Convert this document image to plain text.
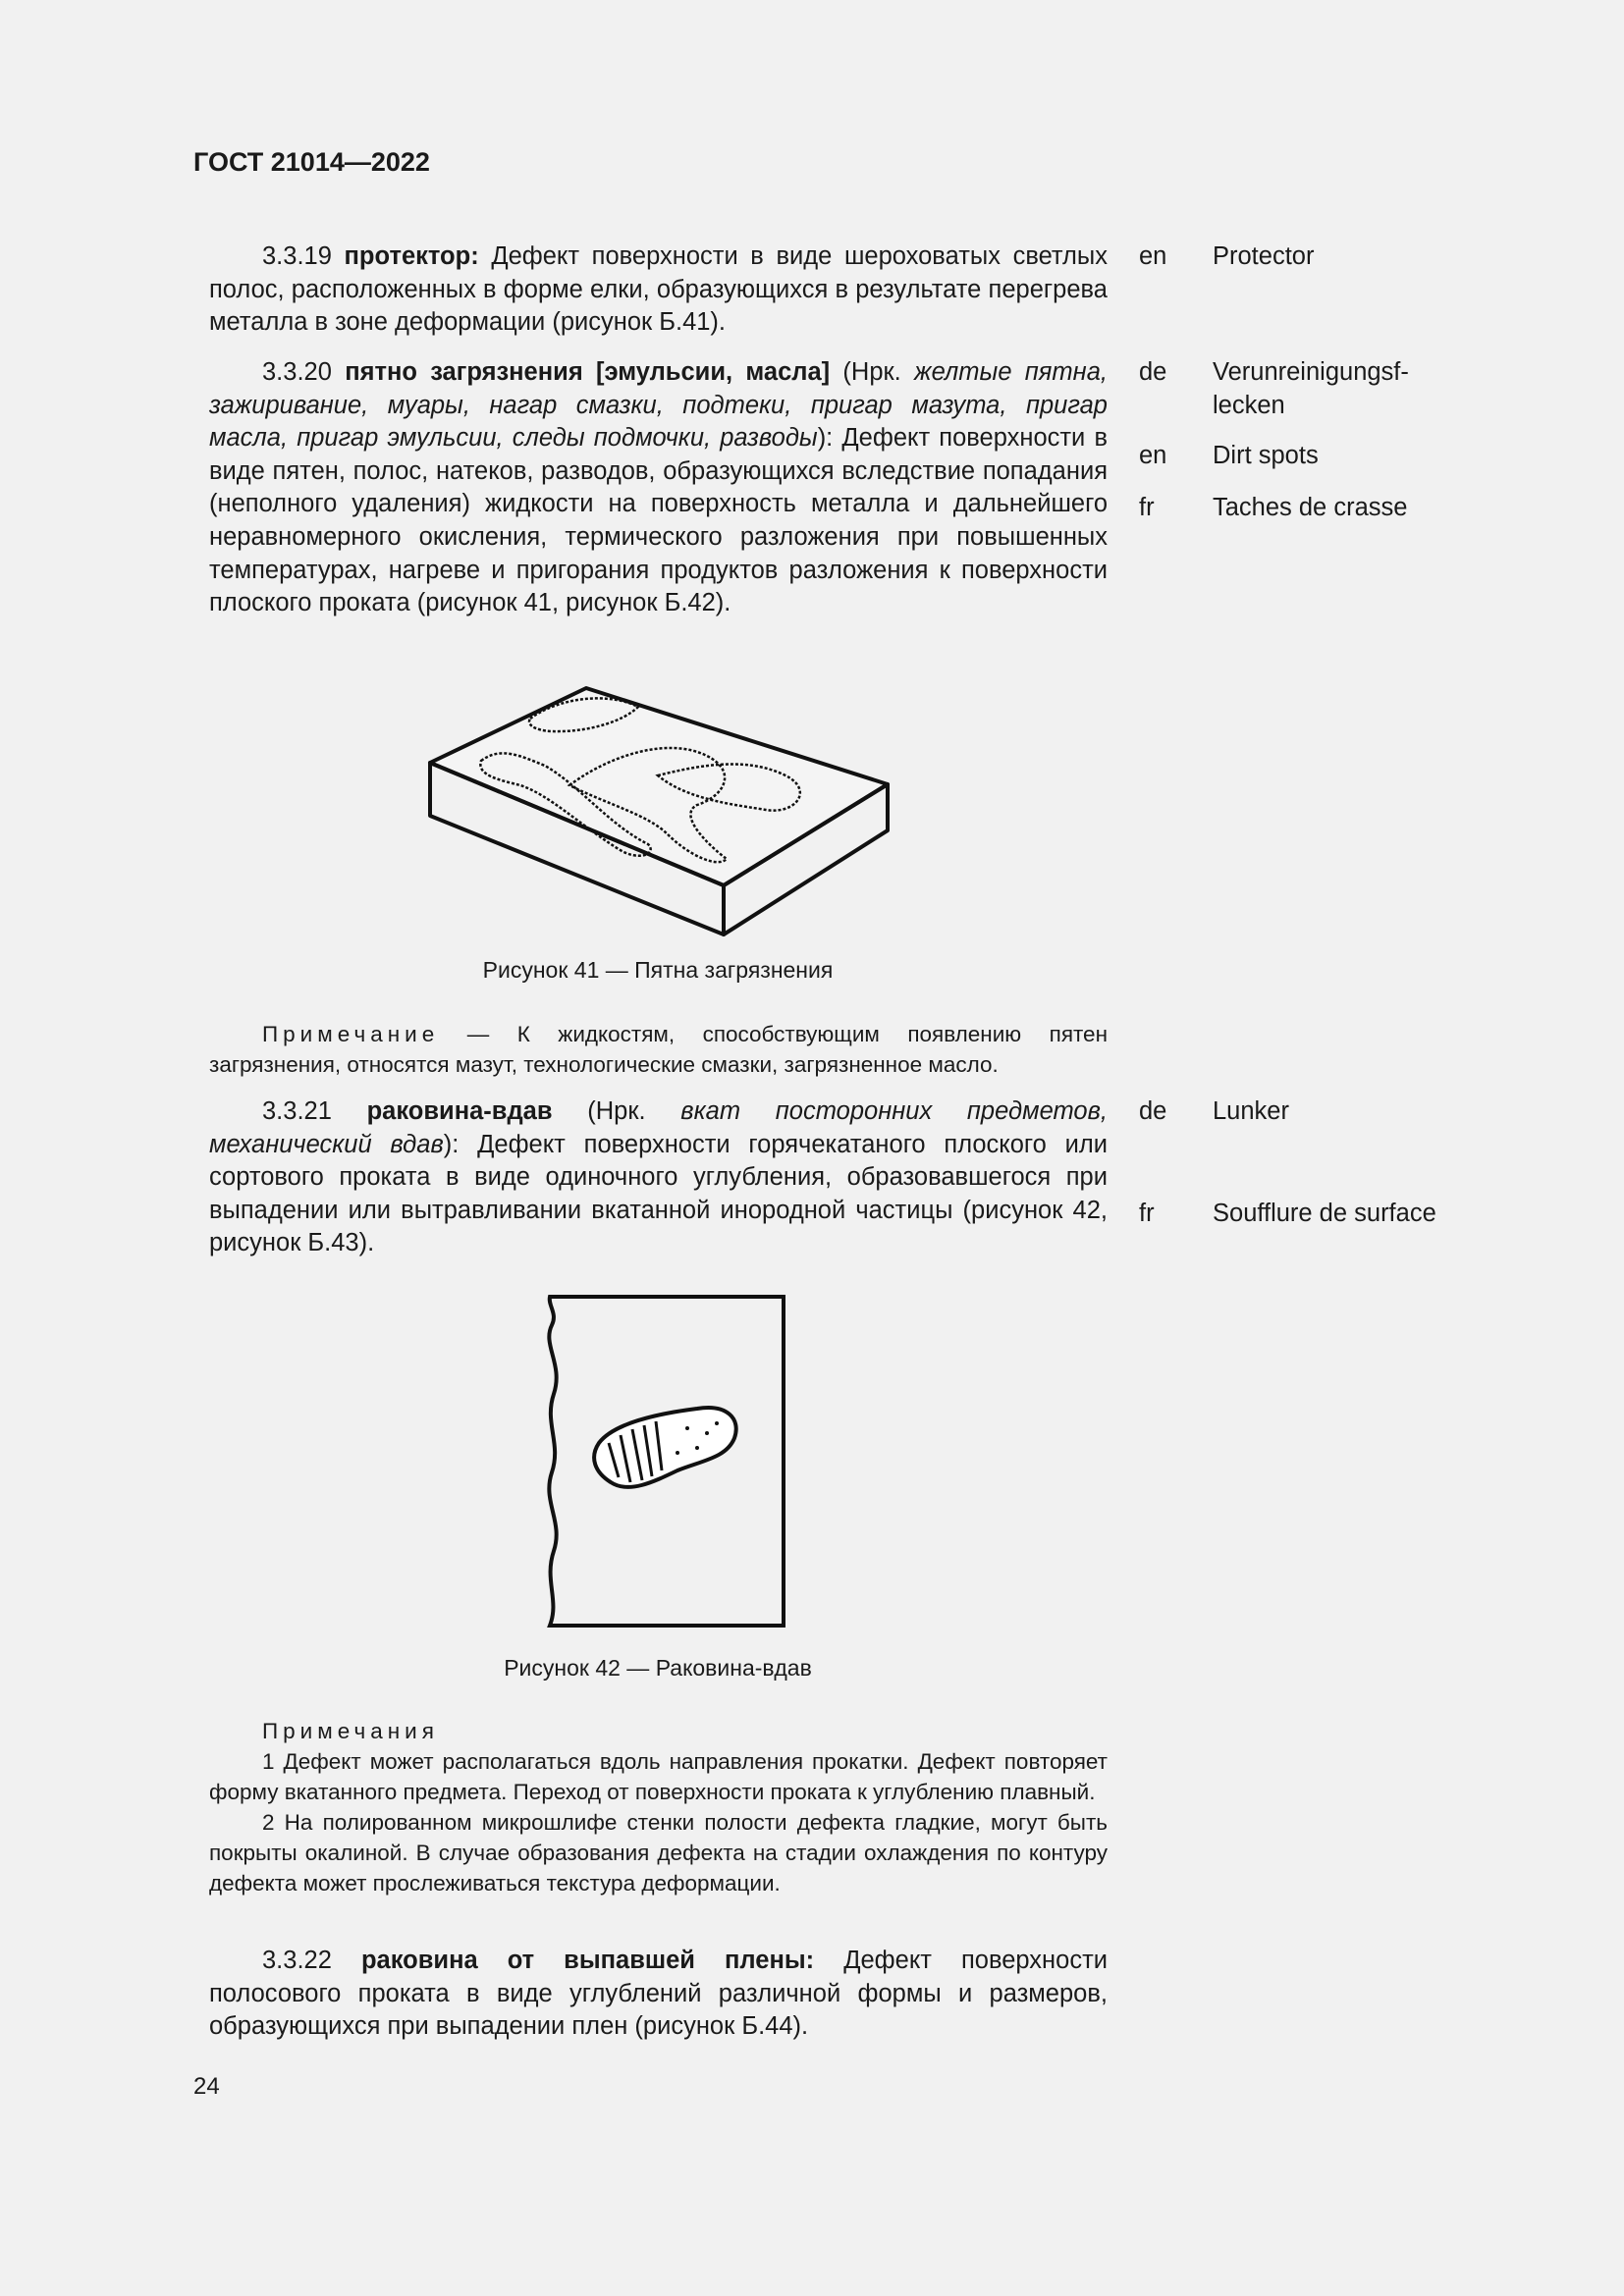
ГОСТ 21014—2022

3.3.19 протектор: Дефект поверхности в виде шероховатых светлых полос, расположенных в форме елки, образующихся в результате перегрева металла в зоне деформации (рисунок Б.41).

en Protector

3.3.20 пятно загрязнения [эмульсии, масла] (Нрк. желтые пятна, зажиривание, муары, нагар смазки, подтеки, пригар мазута, пригар масла, пригар эмульсии, следы подмочки, разводы): Дефект поверхности в виде пятен, полос, натеков, разводов, образующихся вследствие попадания (неполного удаления) жидкости на поверхность металла и дальнейшего неравномерного окисления, термического разложения при повышенных температурах, нагреве и пригорания продуктов разложения к поверхности плоского проката (рисунок 41, рисунок Б.42).

de Verunreinigungsf-
lecken
en Dirt spots
fr Taches de crasse
Рисунок 41 — Пятна загрязнения

Примечание — К жидкостям, способствующим появлению пятен загрязнения, относятся мазут, технологические смазки, загрязненное масло.

3.3.21 раковина-вдав (Нрк. вкат посторонних предметов, механический вдав): Дефект поверхности горячекатаного плоского или сортового проката в виде одиночного углубления, образовавшегося при выпадении или вытравливании вкатанной инородной частицы (рисунок 42, рисунок Б.43).

de Lunker
fr Soufflure de surface
Рисунок 42 — Раковина-вдав

Примечания

1 Дефект может располагаться вдоль направления прокатки. Дефект повторяет форму вкатанного предмета. Переход от поверхности проката к углублению плавный.

2 На полированном микрошлифе стенки полости дефекта гладкие, могут быть покрыты окалиной. В случае образования дефекта на стадии охлаждения по контуру дефекта может прослеживаться текстура деформации.

3.3.22 раковина от выпавшей плены: Дефект поверхности полосового проката в виде углублений различной формы и размеров, образующихся при выпадении плен (рисунок Б.44).

24
